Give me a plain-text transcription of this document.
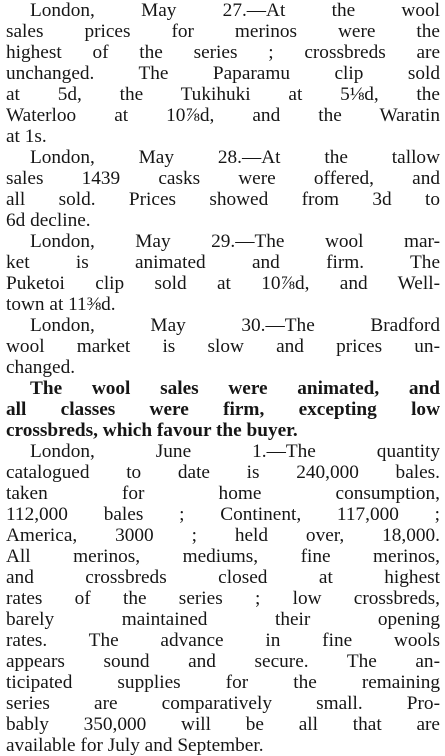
London, May 27.—At the wool
sales prices for merinos were the
highest of the series ; crossbreds are
unchanged. The Paparamu clip sold
at 5d, the Tukihuki at 5⅛d, the
Waterloo at 10⅞d, and the Waratin
at 1s.
London, May 28.—At the tallow
sales 1439 casks were offered, and
all sold. Prices showed from 3d to
6d decline.
London, May 29.—The wool mar-
ket is animated and firm. The
Puketoi clip sold at 10⅞d, and Well-
town at 11⅜d.
London, May 30.—The Bradford
wool market is slow and prices un-
changed.
The wool sales were animated, and
all classes were firm, excepting low
crossbreds, which favour the buyer.
London, June 1.—The quantity
catalogued to date is 240,000 bales.
taken for home consumption,
112,000 bales ; Continent, 117,000 ;
America, 3000 ; held over, 18,000.
All merinos, mediums, fine merinos,
and crossbreds closed at highest
rates of the series ; low crossbreds,
barely maintained their opening
rates. The advance in fine wools
appears sound and secure. The an-
ticipated supplies for the remaining
series are comparatively small. Pro-
bably 350,000 will be all that are
available for July and September.
